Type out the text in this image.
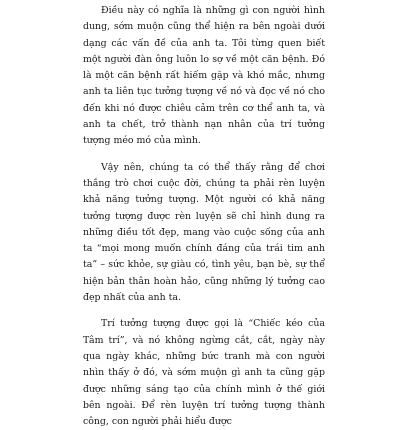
Điều này có nghĩa là những gì con người hình dung, sớm muộn cũng thể hiện ra bên ngoài dưới dạng các vấn đề của anh ta. Tôi từng quen biết một người đàn ông luôn lo sợ về một căn bệnh. Đó là một căn bệnh rất hiếm gặp và khó mắc, nhưng anh ta liên tục tưởng tượng về nó và đọc về nó cho đến khi nó được chiêu cảm trên cơ thể anh ta, và anh ta chết, trở thành nạn nhân của trí tưởng tượng méo mó của mình.

Vậy nên, chúng ta có thể thấy rằng để chơi thắng trò chơi cuộc đời, chúng ta phải rèn luyện khả năng tưởng tượng. Một người có khả năng tưởng tượng được rèn luyện sẽ chỉ hình dung ra những điều tốt đẹp, mang vào cuộc sống của anh ta “mọi mong muốn chính đáng của trái tim anh ta” – sức khỏe, sự giàu có, tình yêu, bạn bè, sự thể hiện bản thân hoàn hảo, cũng những lý tưởng cao đẹp nhất của anh ta.

Trí tưởng tượng được gọi là “Chiếc kéo của Tâm trí”, và nó không ngừng cắt, cắt, ngày này qua ngày khác, những bức tranh mà con người nhìn thấy ở đó, và sớm muộn gì anh ta cũng gặp được những sáng tạo của chính mình ở thế giới bên ngoài. Để rèn luyện trí tưởng tượng thành công, con người phải hiểu được
